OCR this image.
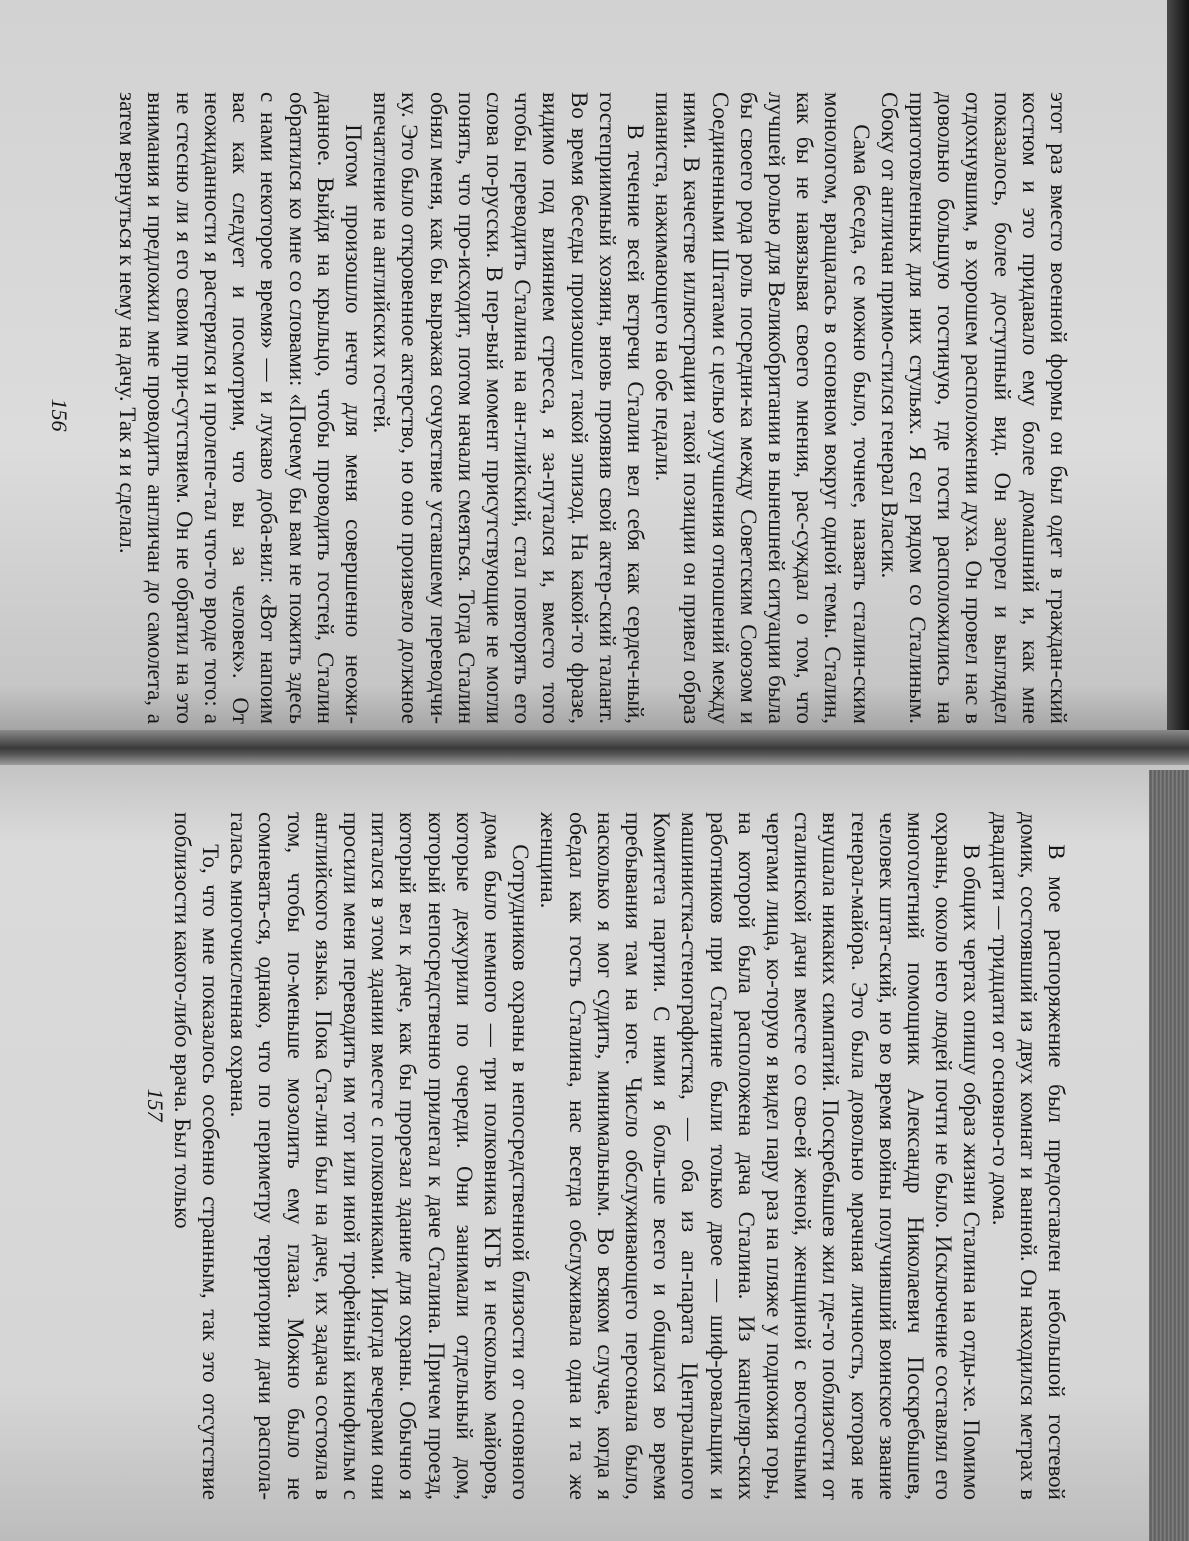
этот раз вместо военной формы он был одет в граждан-ский костюм и это придавало ему более домашний и, как мне показалось, более доступный вид. Он загорел и выглядел отдохнувшим, в хорошем расположении духа. Он провел нас в довольно большую гостиную, где гости расположились на приготовленных для них стульях. Я сел рядом со Сталиным. Сбоку от англичан примо-стился генерал Власик.

Сама беседа, се можно было, точнее, назвать сталин-ским монологом, вращалась в основном вокруг одной темы. Сталин, как бы не навязывая своего мнения, рас-суждал о том, что лучшей ролью для Великобритании в нынешней ситуации была бы своего рода роль посредни-ка между Советским Союзом и Соединенными Штатами с целью улучшения отношений между ними. В качестве иллюстрации такой позиции он привел образ пианиста, нажимающего на обе педали.

В течение всей встречи Сталин вел себя как сердеч-ный, гостеприимный хозяин, вновь проявив свой актер-ский талант. Во время беседы произошел такой эпизод. На какой-то фразе, видимо под влиянием стресса, я за-путался и, вместо того чтобы переводить Сталина на ан-глийский, стал повторять его слова по-русски. В пер-вый момент присутствующие не могли понять, что про-исходит, потом начали смеяться. Тогда Сталин обнял меня, как бы выражая сочувствие уставшему переводчи-ку. Это было откровенное актерство, но оно произвело должное впечатление на английских гостей.

Потом произошло нечто для меня совершенно неожи-данное. Выйдя на крыльцо, чтобы проводить гостей, Сталин обратился ко мне со словами: «Почему бы вам не пожить здесь с нами некоторое время» — и лукаво доба-вил: «Вот напоим вас как следует и посмотрим, что вы за человек». От неожиданности я растерялся и пролепе-тал что-то вроде того: а не стесню ли я его своим при-сутствием. Он не обратил на это внимания и предложил мне проводить англичан до самолета, а затем вернуться к нему на дачу. Так я и сделал.

156

В мое распоряжение был предоставлен небольшой гостевой домик, состоявший из двух комнат и ванной. Он находился метрах в двадцати — тридцати от основно-го дома.

В общих чертах опишу образ жизни Сталина на отды-хе. Помимо охраны, около него людей почти не было. Исключение составлял его многолетний помощник Александр Николаевич Поскребышев, человек штат-ский, но во время войны получивший воинское звание генерал-майора. Это была довольно мрачная личность, которая не внушала никаких симпатий. Поскребышев жил где-то поблизости от сталинской дачи вместе со сво-ей женой, женщиной с восточными чертами лица, ко-торую я видел пару раз на пляже у подножия горы, на которой была расположена дача Сталина. Из канцеляр-ских работников при Сталине были только двое — шиф-ровальщик и машинистка-стенографистка, — оба из ап-парата Центрального Комитета партии. С ними я боль-ше всего и общался во время пребывания там на юге. Число обслуживающего персонала было, насколько я мог судить, минимальным. Во всяком случае, когда я обедал как гость Сталина, нас всегда обслуживала одна и та же женщина.

Сотрудников охраны в непосредственной близости от основного дома было немного — три полковника КГБ и несколько майоров, которые дежурили по очереди. Они занимали отдельный дом, который непосредственно прилегал к даче Сталина. Причем проезд, который вел к даче, как бы прорезал здание для охраны. Обычно я питался в этом здании вместе с полковниками. Иногда вечерами они просили меня переводить им тот или иной трофейный кинофильм с английского языка. Пока Ста-лин был на даче, их задача состояла в том, чтобы по-меньше мозолить ему глаза. Можно было не сомневать-ся, однако, что по периметру территории дачи распола-галась многочисленная охрана.

То, что мне показалось особенно странным, так это отсутствие поблизости какого-либо врача. Был только

157
